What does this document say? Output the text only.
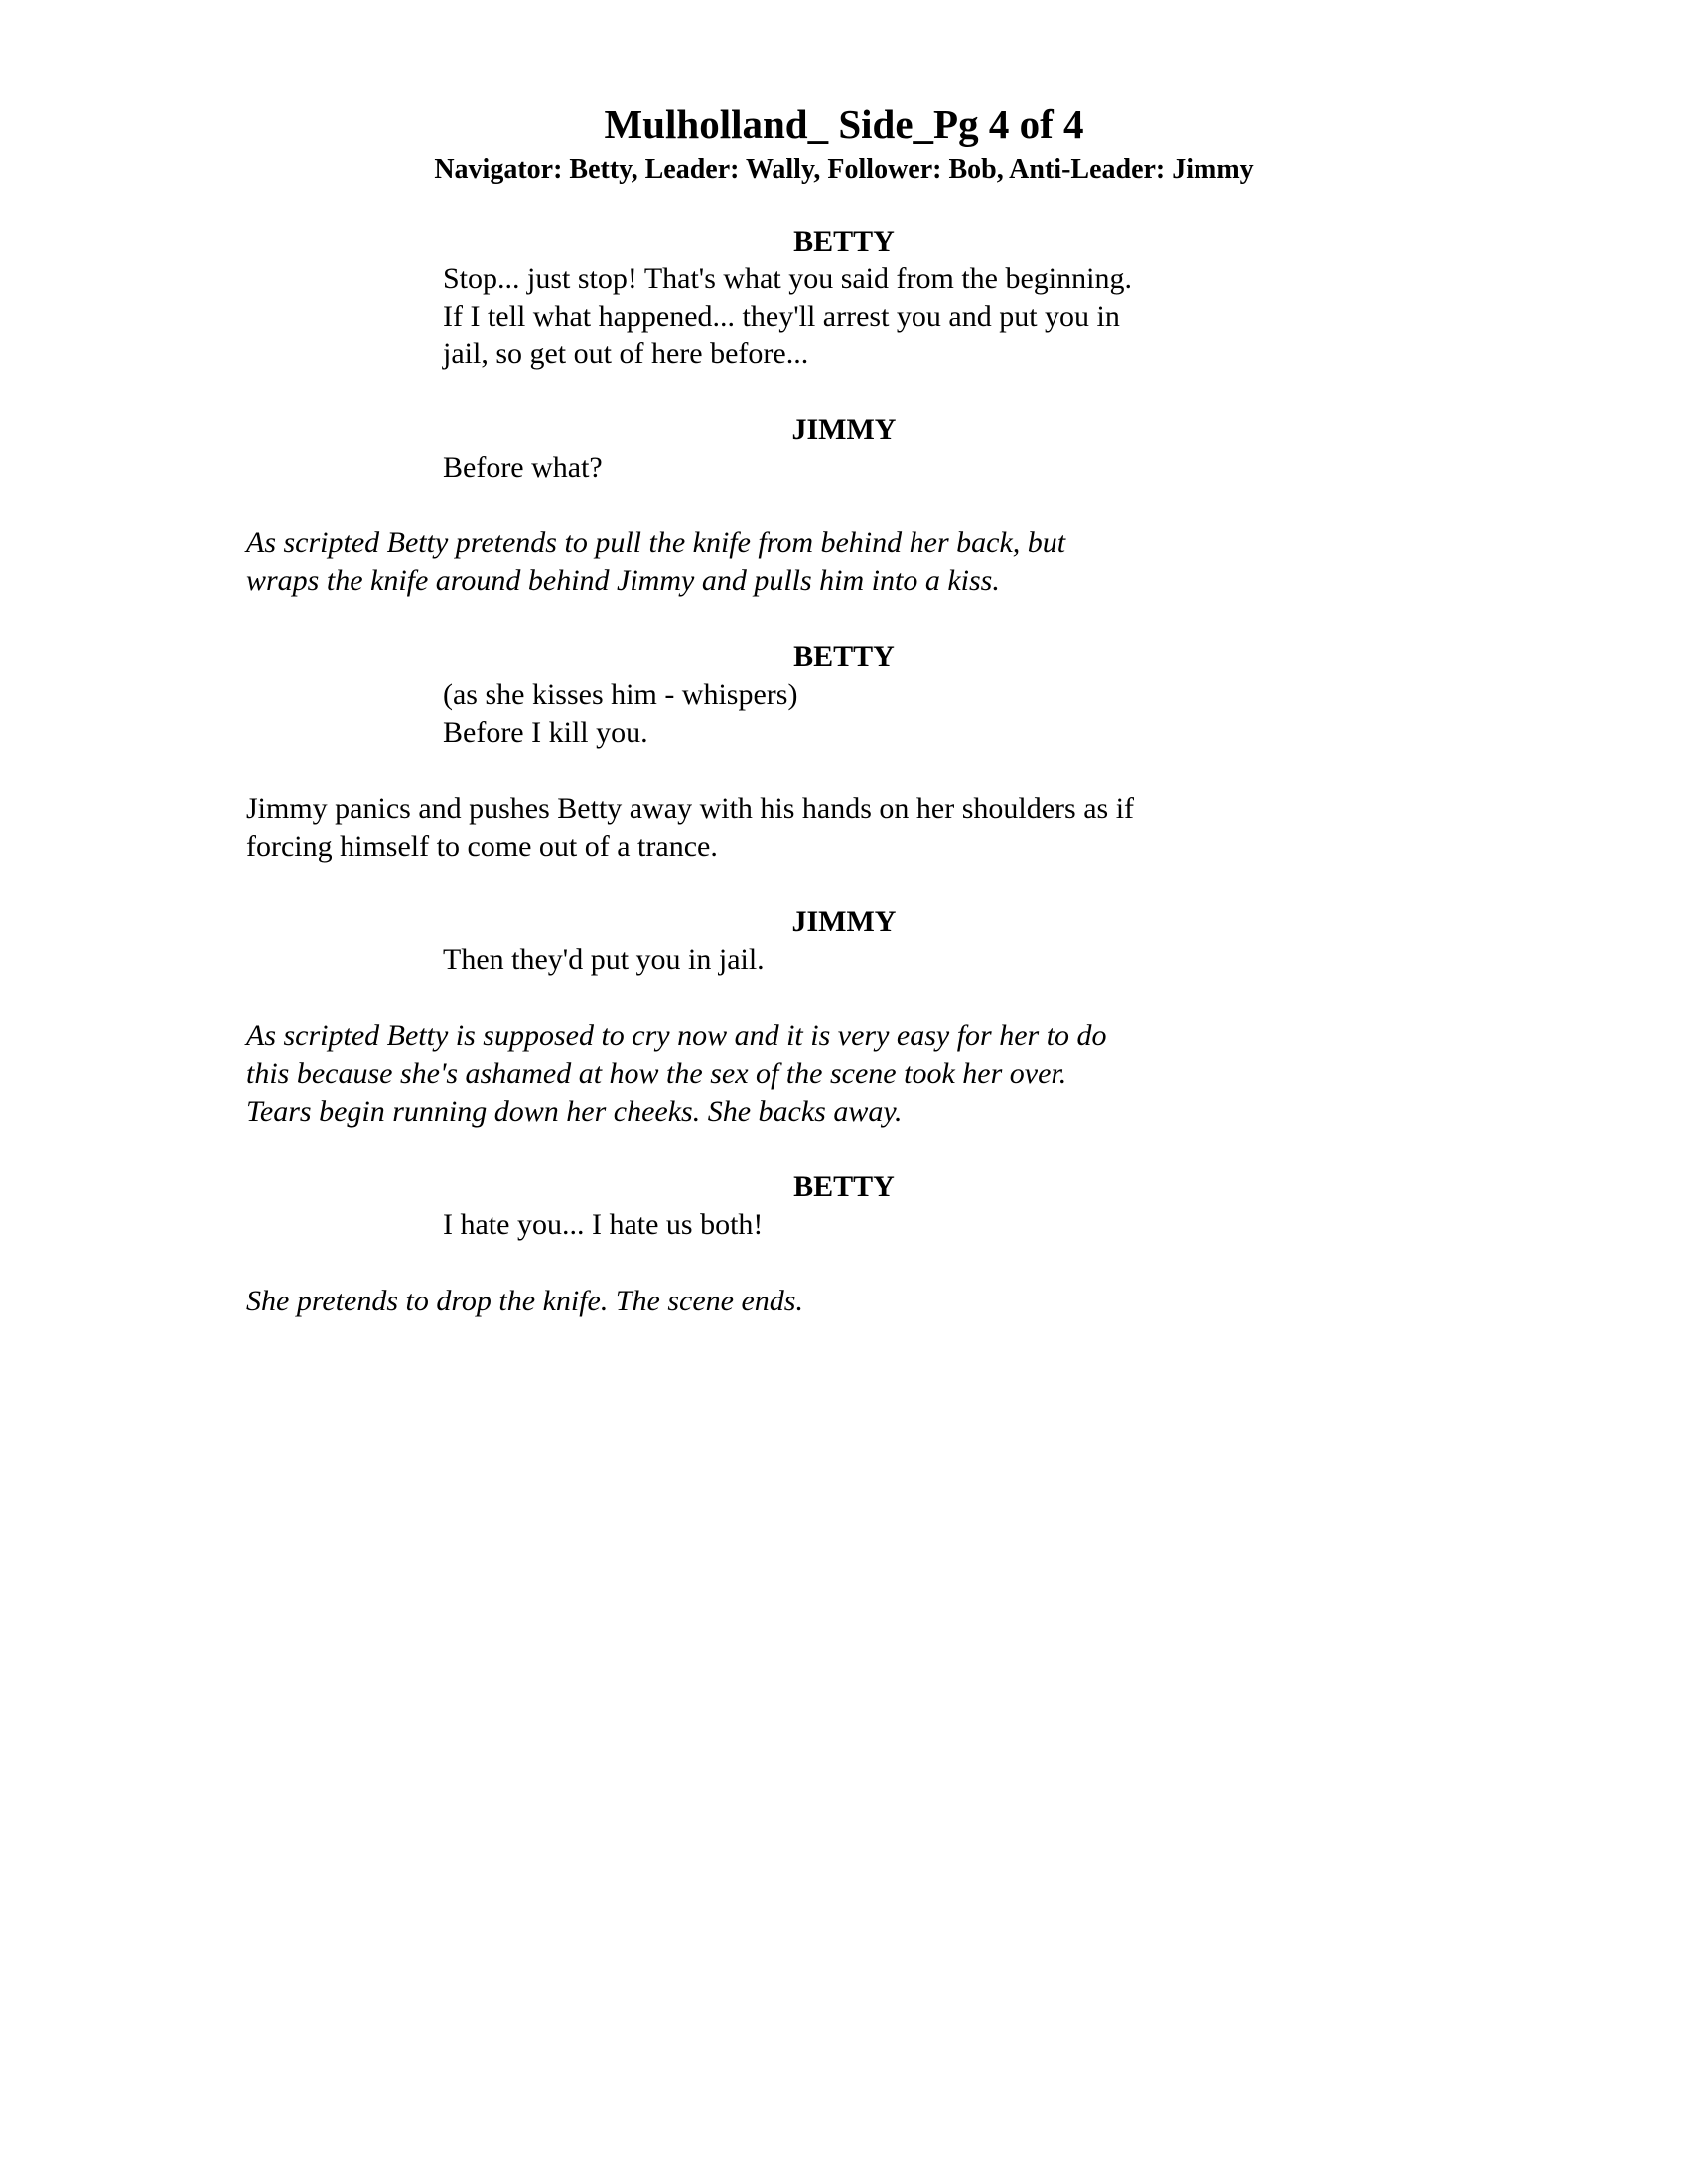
Mulholland_ Side_Pg 4 of 4
Navigator: Betty, Leader: Wally, Follower: Bob, Anti-Leader: Jimmy
BETTY
Stop... just stop! That's what you said from the beginning.
If I tell what happened... they'll arrest you and put you in
jail, so get out of here before...
JIMMY
Before what?
As scripted Betty pretends to pull the knife from behind her back, but
wraps the knife around behind Jimmy and pulls him into a kiss.
BETTY
(as she kisses him - whispers)
Before I kill you.
Jimmy panics and pushes Betty away with his hands on her shoulders as if
forcing himself to come out of a trance.
JIMMY
Then they'd put you in jail.
As scripted Betty is supposed to cry now and it is very easy for her to do
this because she's ashamed at how the sex of the scene took her over.
Tears begin running down her cheeks. She backs away.
BETTY
I hate you... I hate us both!
She pretends to drop the knife. The scene ends.
